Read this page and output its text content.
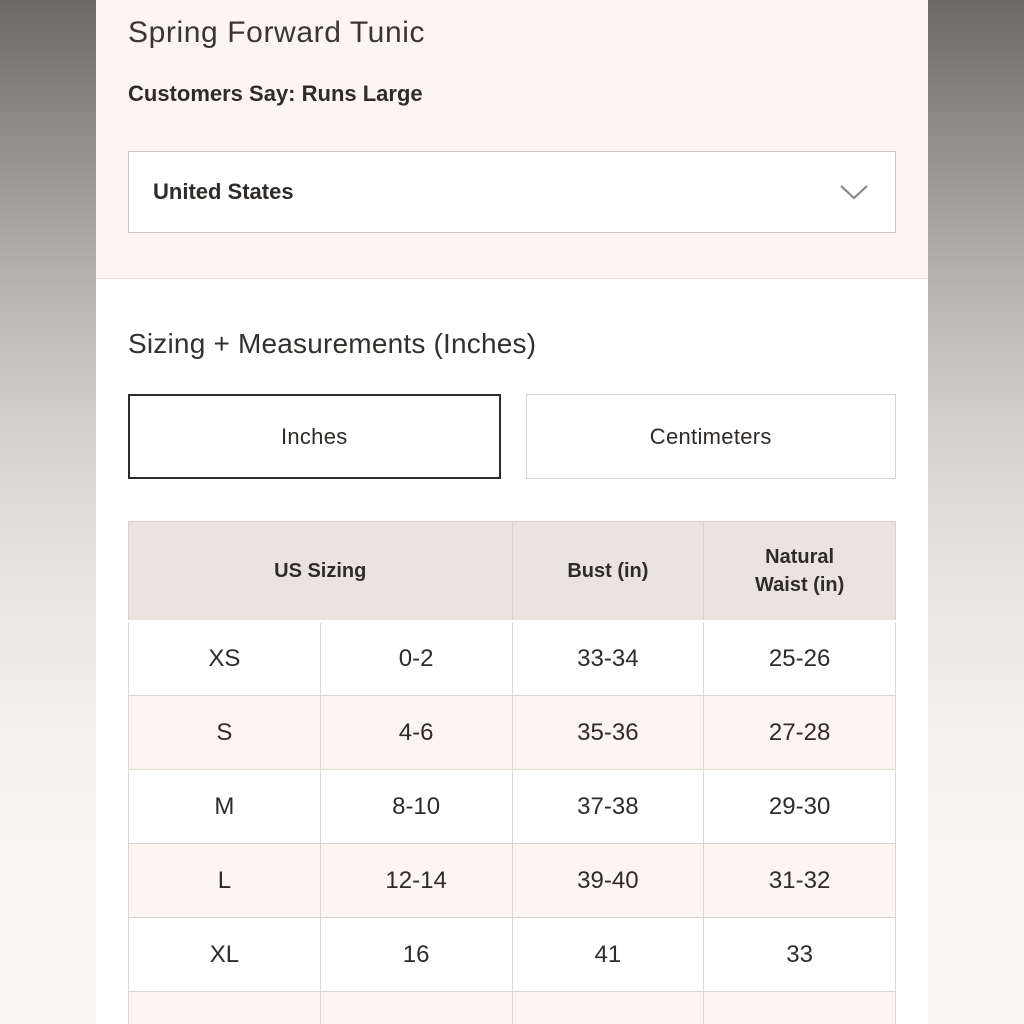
Spring Forward Tunic
Customers Say: Runs Large
United States
Sizing + Measurements (Inches)
Inches	Centimeters
US Sizing		Bust (in)	Natural Waist (in)
XS	0-2	33-34	25-26
S	4-6	35-36	27-28
M	8-10	37-38	29-30
L	12-14	39-40	31-32
XL	16	41	33
